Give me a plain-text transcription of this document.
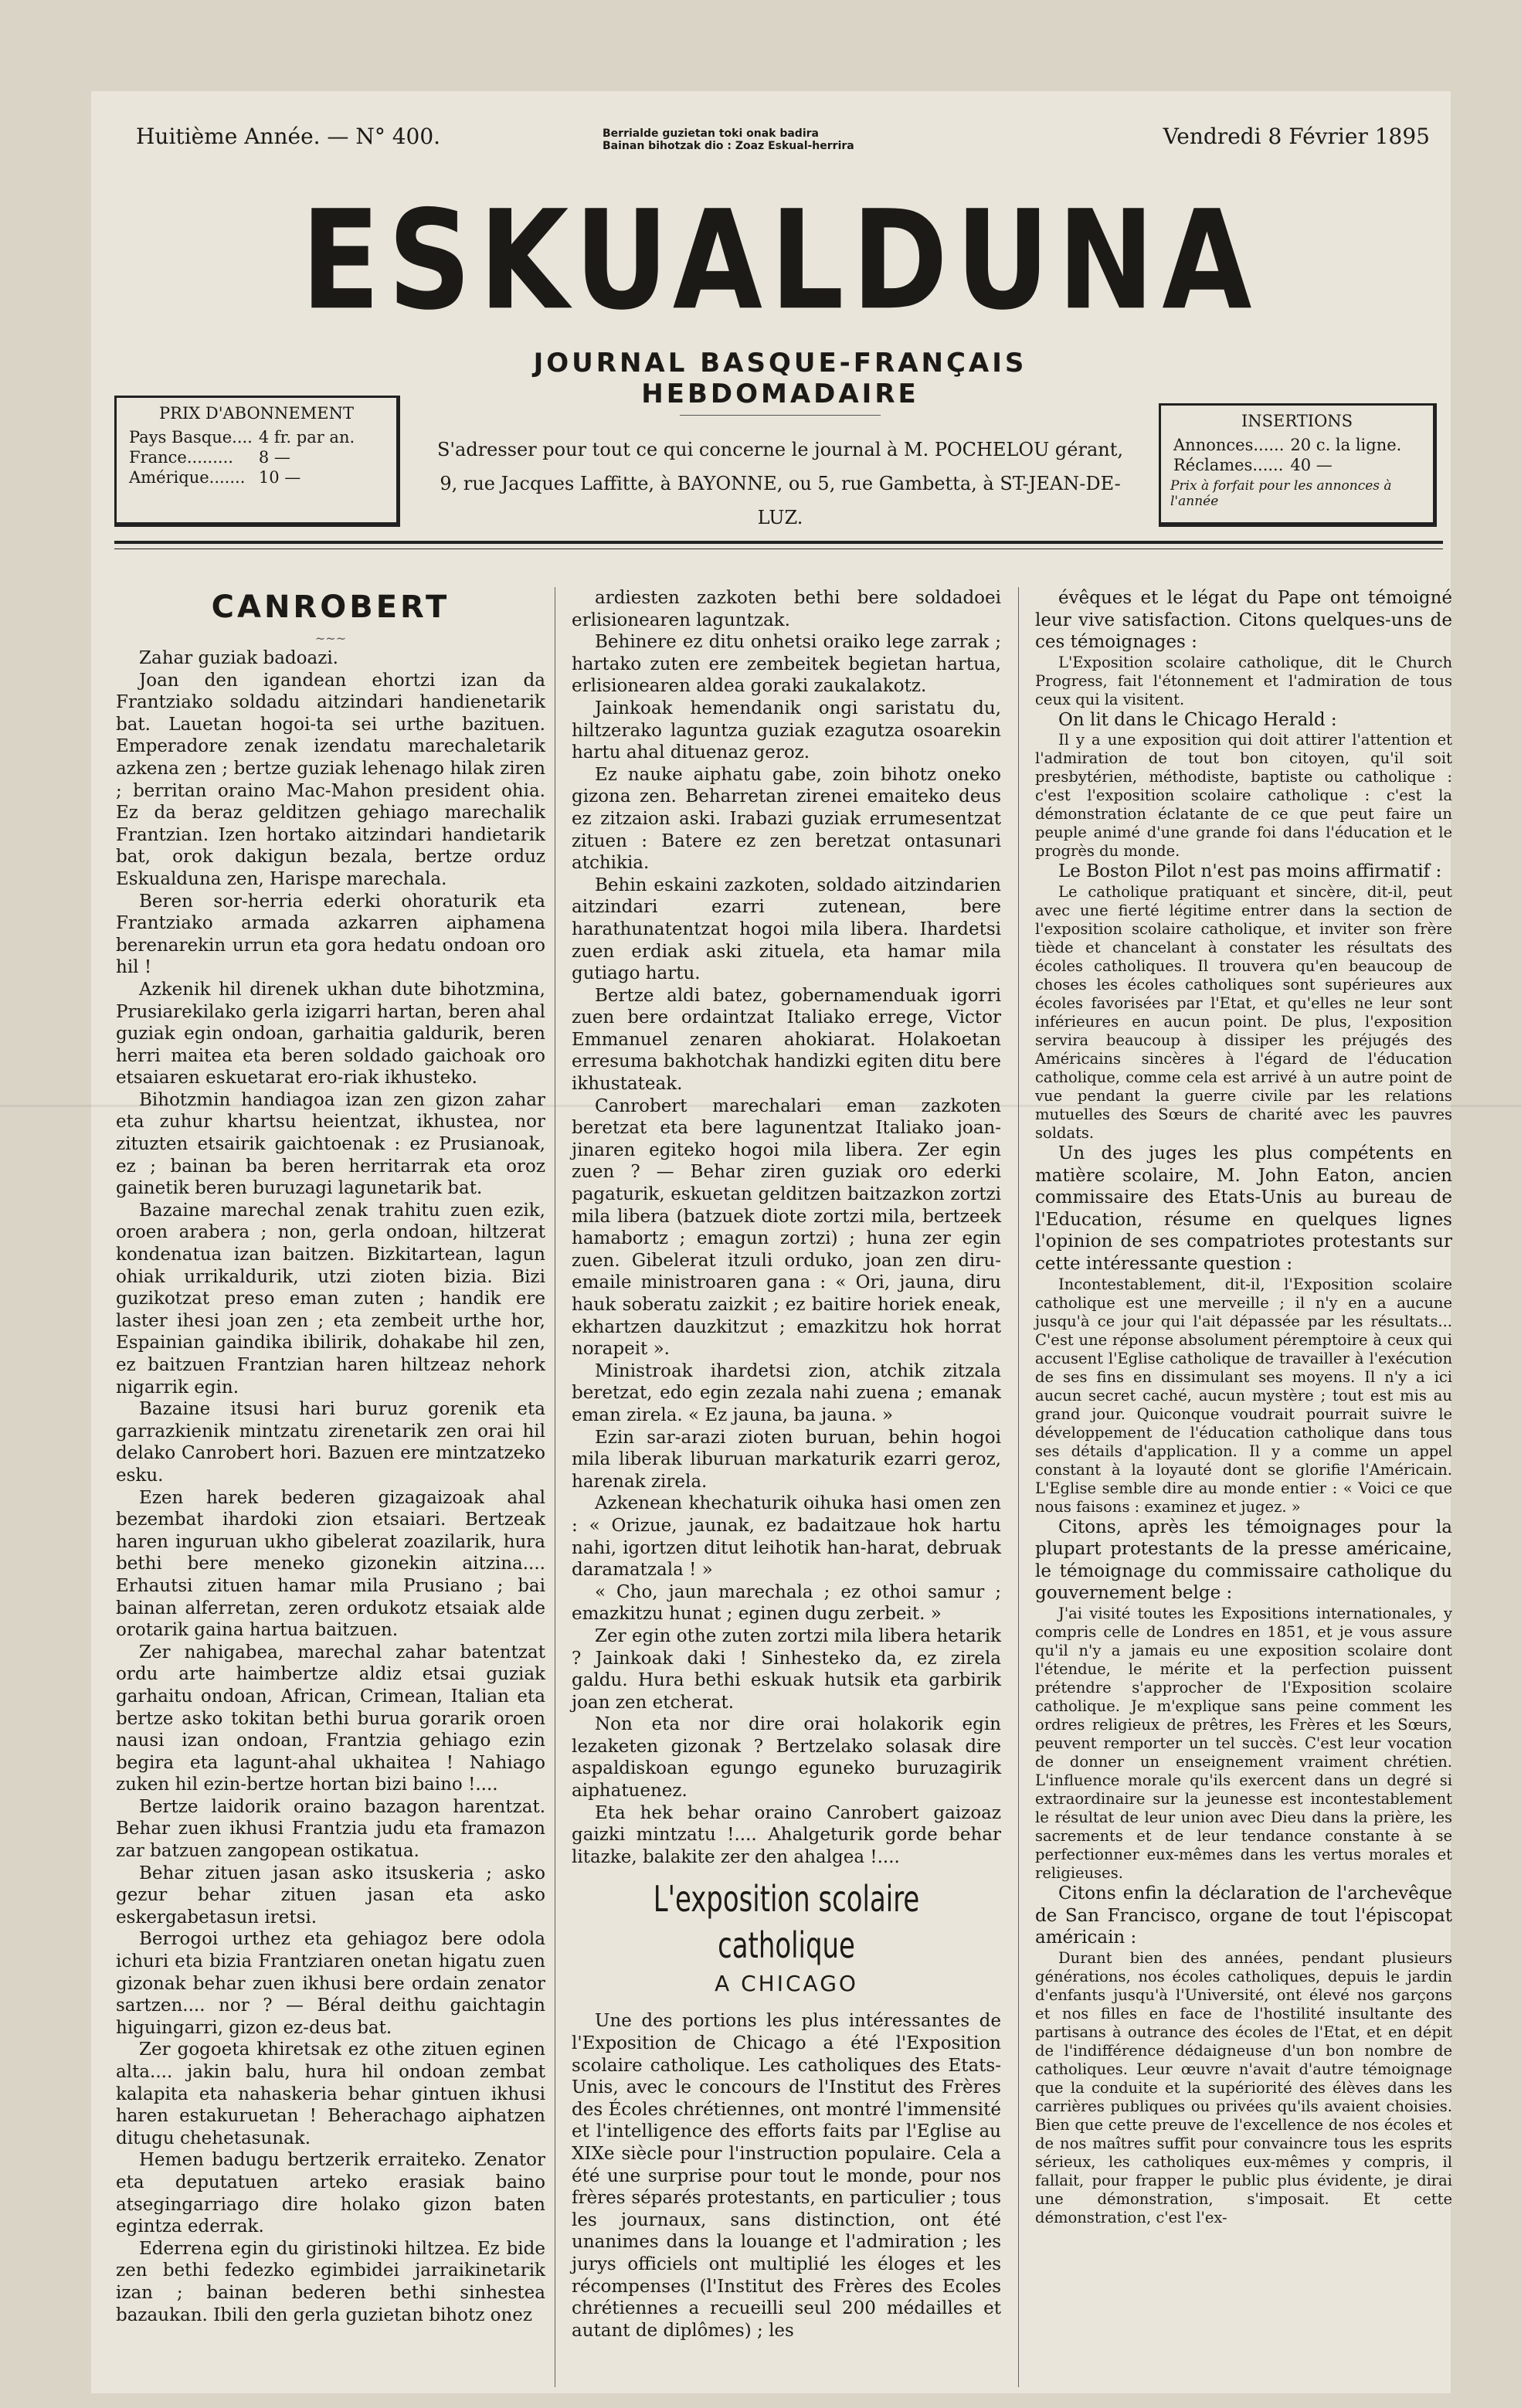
Huitième Année. — N° 400.	Berrialde guzietan toki onak badira
Bainan bihotzak dio : Zoaz Eskual-herrira	Vendredi 8 Février 1895
ESKUALDUNA
JOURNAL BASQUE-FRANÇAIS HEBDOMADAIRE
PRIX D'ABONNEMENT
Pays Basque....	4 fr. par an.
France.........	8 —
Amérique.......	10 —
S'adresser pour tout ce qui concerne le journal à M. POCHELOU gérant,
9, rue Jacques Laffitte, à BAYONNE, ou 5, rue Gambetta, à ST-JEAN-DE-LUZ.
INSERTIONS
Annonces......	20 c. la ligne.
Réclames......	40 —
Prix à forfait pour les annonces à l'année
CANROBERT
~~~

Zahar guziak badoazi.

Joan den igandean ehortzi izan da Frantziako soldadu aitzindari handienetarik bat. Lauetan hogoi-ta sei urthe bazituen. Emperadore zenak izendatu marechaletarik azkena zen ; bertze guziak lehenago hilak ziren ; berritan oraino Mac-Mahon president ohia. Ez da beraz gelditzen gehiago marechalik Frantzian. Izen hortako aitzindari handietarik bat, orok dakigun bezala, bertze orduz Eskualduna zen, Harispe marechala.

Beren sor-herria ederki ohoraturik eta Frantziako armada azkarren aiphamena berenarekin urrun eta gora hedatu ondoan oro hil !

Azkenik hil direnek ukhan dute bihotzmina, Prusiarekilako gerla izigarri hartan, beren ahal guziak egin ondoan, garhaitia galdurik, beren herri maitea eta beren soldado gaichoak oro etsaiaren eskuetarat ero-riak ikhusteko.

Bihotzmin handiagoa izan zen gizon zahar eta zuhur khartsu heientzat, ikhustea, nor zituzten etsairik gaichtoenak : ez Prusianoak, ez ; bainan ba beren herritarrak eta oroz gainetik beren buruzagi lagunetarik bat.

Bazaine marechal zenak trahitu zuen ezik, oroen arabera ; non, gerla ondoan, hiltzerat kondenatua izan baitzen. Bizkitartean, lagun ohiak urrikaldurik, utzi zioten bizia. Bizi guzikotzat preso eman zuten ; handik ere laster ihesi joan zen ; eta zembeit urthe hor, Espainian gaindika ibilirik, dohakabe hil zen, ez baitzuen Frantzian haren hiltzeaz nehork nigarrik egin.

Bazaine itsusi hari buruz gorenik eta garrazkienik mintzatu zirenetarik zen orai hil delako Canrobert hori. Bazuen ere mintzatzeko esku.

Ezen harek bederen gizagaizoak ahal bezembat ihardoki zion etsaiari. Bertzeak haren inguruan ukho gibelerat zoazilarik, hura bethi bere meneko gizonekin aitzina.... Erhautsi zituen hamar mila Prusiano ; bai bainan alferretan, zeren ordukotz etsaiak alde orotarik gaina hartua baitzuen.

Zer nahigabea, marechal zahar batentzat ordu arte haimbertze aldiz etsai guziak garhaitu ondoan, African, Crimean, Italian eta bertze asko tokitan bethi burua gorarik oroen nausi izan ondoan, Frantzia gehiago ezin begira eta lagunt-ahal ukhaitea ! Nahiago zuken hil ezin-bertze hortan bizi baino !....

Bertze laidorik oraino bazagon harentzat. Behar zuen ikhusi Frantzia judu eta framazon zar batzuen zangopean ostikatua.

Behar zituen jasan asko itsuskeria ; asko gezur behar zituen jasan eta asko eskergabetasun iretsi.

Berrogoi urthez eta gehiagoz bere odola ichuri eta bizia Frantziaren onetan higatu zuen gizonak behar zuen ikhusi bere ordain zenator sartzen.... nor ? — Béral deithu gaichtagin higuingarri, gizon ez-deus bat.

Zer gogoeta khiretsak ez othe zituen eginen alta.... jakin balu, hura hil ondoan zembat kalapita eta nahaskeria behar gintuen ikhusi haren estakuruetan ! Beherachago aiphatzen ditugu chehetasunak.

Hemen badugu bertzerik erraiteko. Zenator eta deputatuen arteko erasiak baino atsegingarriago dire holako gizon baten egintza ederrak.

Ederrena egin du giristinoki hiltzea. Ez bide zen bethi fedezko egimbidei jarraikinetarik izan ; bainan bederen bethi sinhestea bazaukan. Ibili den gerla guzietan bihotz onez

ardiesten zazkoten bethi bere soldadoei erlisionearen laguntzak.

Behinere ez ditu onhetsi oraiko lege zarrak ; hartako zuten ere zembeitek begietan hartua, erlisionearen aldea goraki zaukalakotz.

Jainkoak hemendanik ongi saristatu du, hiltzerako laguntza guziak ezagutza osoarekin hartu ahal dituenaz geroz.

Ez nauke aiphatu gabe, zoin bihotz oneko gizona zen. Beharretan zirenei emaiteko deus ez zitzaion aski. Irabazi guziak errumesentzat zituen : Batere ez zen beretzat ontasunari atchikia.

Behin eskaini zazkoten, soldado aitzindarien aitzindari ezarri zutenean, bere harathunatentzat hogoi mila libera. Ihardetsi zuen erdiak aski zituela, eta hamar mila gutiago hartu.

Bertze aldi batez, gobernamenduak igorri zuen bere ordaintzat Italiako erregе, Victor Emmanuel zenaren ahokiarat. Holakoetan erresuma bakhotchak handizki egiten ditu bere ikhustateak.

Canrobert marechalari eman zazkoten beretzat eta bere lagunentzat Italiako joan-jinaren egiteko hogoi mila libera. Zer egin zuen ? — Behar ziren guziak oro ederki pagaturik, eskuetan gelditzen baitzazkon zortzi mila libera (batzuek diote zortzi mila, bertzeek hamabortz ; emagun zortzi) ; huna zer egin zuen. Gibelerat itzuli orduko, joan zen diru-emaile ministroaren gana : « Ori, jauna, diru hauk soberatu zaizkit ; ez baitire horiek eneak, ekhartzen dauzkitzut ; emazkitzu hok horrat norapeit ».

Ministroak ihardetsi zion, atchik zitzala beretzat, edo egin zezala nahi zuena ; emanak eman zirela. « Ez jauna, ba jauna. »

Ezin sar-arazi zioten buruan, behin hogoi mila liberak liburuan markaturik ezarri geroz, harenak zirela.

Azkenean khechaturik oihuka hasi omen zen : « Orizue, jaunak, ez badaitzaue hok hartu nahi, igortzen ditut leihotik han-harat, debruak daramatzala ! »

« Cho, jaun marechala ; ez othoi samur ; emazkitzu hunat ; eginen dugu zerbeit. »

Zer egin othe zuten zortzi mila libera hetarik ? Jainkoak daki ! Sinhesteko da, ez zirela galdu. Hura bethi eskuak hutsik eta garbirik joan zen etcherat.

Non eta nor dire orai holakorik egin lezaketen gizonak ? Bertzelako solasak dire aspaldiskoan egungo eguneko buruzagirik aiphatuenez.

Eta hek behar oraino Canrobert gaizoaz gaizki mintzatu !.... Ahalgeturik gorde behar litazke, balakite zer den ahalgea !....

L'exposition scolaire catholique
A CHICAGO

Une des portions les plus intéressantes de l'Exposition de Chicago a été l'Exposition scolaire catholique. Les catholiques des Etats-Unis, avec le concours de l'Institut des Frères des Écoles chrétiennes, ont montré l'immensité et l'intelligence des efforts faits par l'Eglise au XIXe siècle pour l'instruction populaire. Cela a été une surprise pour tout le monde, pour nos frères séparés protestants, en particulier ; tous les journaux, sans distinction, ont été unanimes dans la louange et l'admiration ; les jurys officiels ont multiplié les éloges et les récompenses (l'Institut des Frères des Ecoles chrétiennes a recueilli seul 200 médailles et autant de diplômes) ; les

évêques et le légat du Pape ont témoigné leur vive satisfaction. Citons quelques-uns de ces témoignages :

L'Exposition scolaire catholique, dit le Church Progress, fait l'étonnement et l'admiration de tous ceux qui la visitent.

On lit dans le Chicago Herald :

Il y a une exposition qui doit attirer l'attention et l'admiration de tout bon citoyen, qu'il soit presbytérien, méthodiste, baptiste ou catholique : c'est l'exposition scolaire catholique : c'est la démonstration éclatante de ce que peut faire un peuple animé d'une grande foi dans l'éducation et le progrès du monde.

Le Boston Pilot n'est pas moins affirmatif :

Le catholique pratiquant et sincère, dit-il, peut avec une fierté légitime entrer dans la section de l'exposition scolaire catholique, et inviter son frère tiède et chancelant à constater les résultats des écoles catholiques. Il trouvera qu'en beaucoup de choses les écoles catholiques sont supérieures aux écoles favorisées par l'Etat, et qu'elles ne leur sont inférieures en aucun point. De plus, l'exposition servira beaucoup à dissiper les préjugés des Américains sincères à l'égard de l'éducation catholique, comme cela est arrivé à un autre point de vue pendant la guerre civile par les relations mutuelles des Sœurs de charité avec les pauvres soldats.

Un des juges les plus compétents en matière scolaire, M. John Eaton, ancien commissaire des Etats-Unis au bureau de l'Education, résume en quelques lignes l'opinion de ses compatriotes protestants sur cette intéressante question :

Incontestablement, dit-il, l'Exposition scolaire catholique est une merveille ; il n'y en a aucune jusqu'à ce jour qui l'ait dépassée par les résultats... C'est une réponse absolument péremptoire à ceux qui accusent l'Eglise catholique de travailler à l'exécution de ses fins en dissimulant ses moyens. Il n'y a ici aucun secret caché, aucun mystère ; tout est mis au grand jour. Quiconque voudrait pourrait suivre le développement de l'éducation catholique dans tous ses détails d'application. Il y a comme un appel constant à la loyauté dont se glorifie l'Américain. L'Eglise semble dire au monde entier : « Voici ce que nous faisons : examinez et jugez. »

Citons, après les témoignages pour la plupart protestants de la presse américaine, le témoignage du commissaire catholique du gouvernement belge :

J'ai visité toutes les Expositions internationales, y compris celle de Londres en 1851, et je vous assure qu'il n'y a jamais eu une exposition scolaire dont l'étendue, le mérite et la perfection puissent prétendre s'approcher de l'Exposition scolaire catholique. Je m'explique sans peine comment les ordres religieux de prêtres, les Frères et les Sœurs, peuvent remporter un tel succès. C'est leur vocation de donner un enseignement vraiment chrétien. L'influence morale qu'ils exercent dans un degré si extraordinaire sur la jeunesse est incontestablement le résultat de leur union avec Dieu dans la prière, les sacrements et de leur tendance constante à se perfectionner eux-mêmes dans les vertus morales et religieuses.

Citons enfin la déclaration de l'archevêque de San Francisco, organe de tout l'épiscopat américain :

Durant bien des années, pendant plusieurs générations, nos écoles catholiques, depuis le jardin d'enfants jusqu'à l'Université, ont élevé nos garçons et nos filles en face de l'hostilité insultante des partisans à outrance des écoles de l'Etat, et en dépit de l'indifférence dédaigneuse d'un bon nombre de catholiques. Leur œuvre n'avait d'autre témoignage que la conduite et la supériorité des élèves dans les carrières publiques ou privées qu'ils avaient choisies. Bien que cette preuve de l'excellence de nos écoles et de nos maîtres suffit pour convaincre tous les esprits sérieux, les catholiques eux-mêmes y compris, il fallait, pour frapper le public plus évidente, je dirai une démonstration, s'imposait. Et cette démonstration, c'est l'ex-
